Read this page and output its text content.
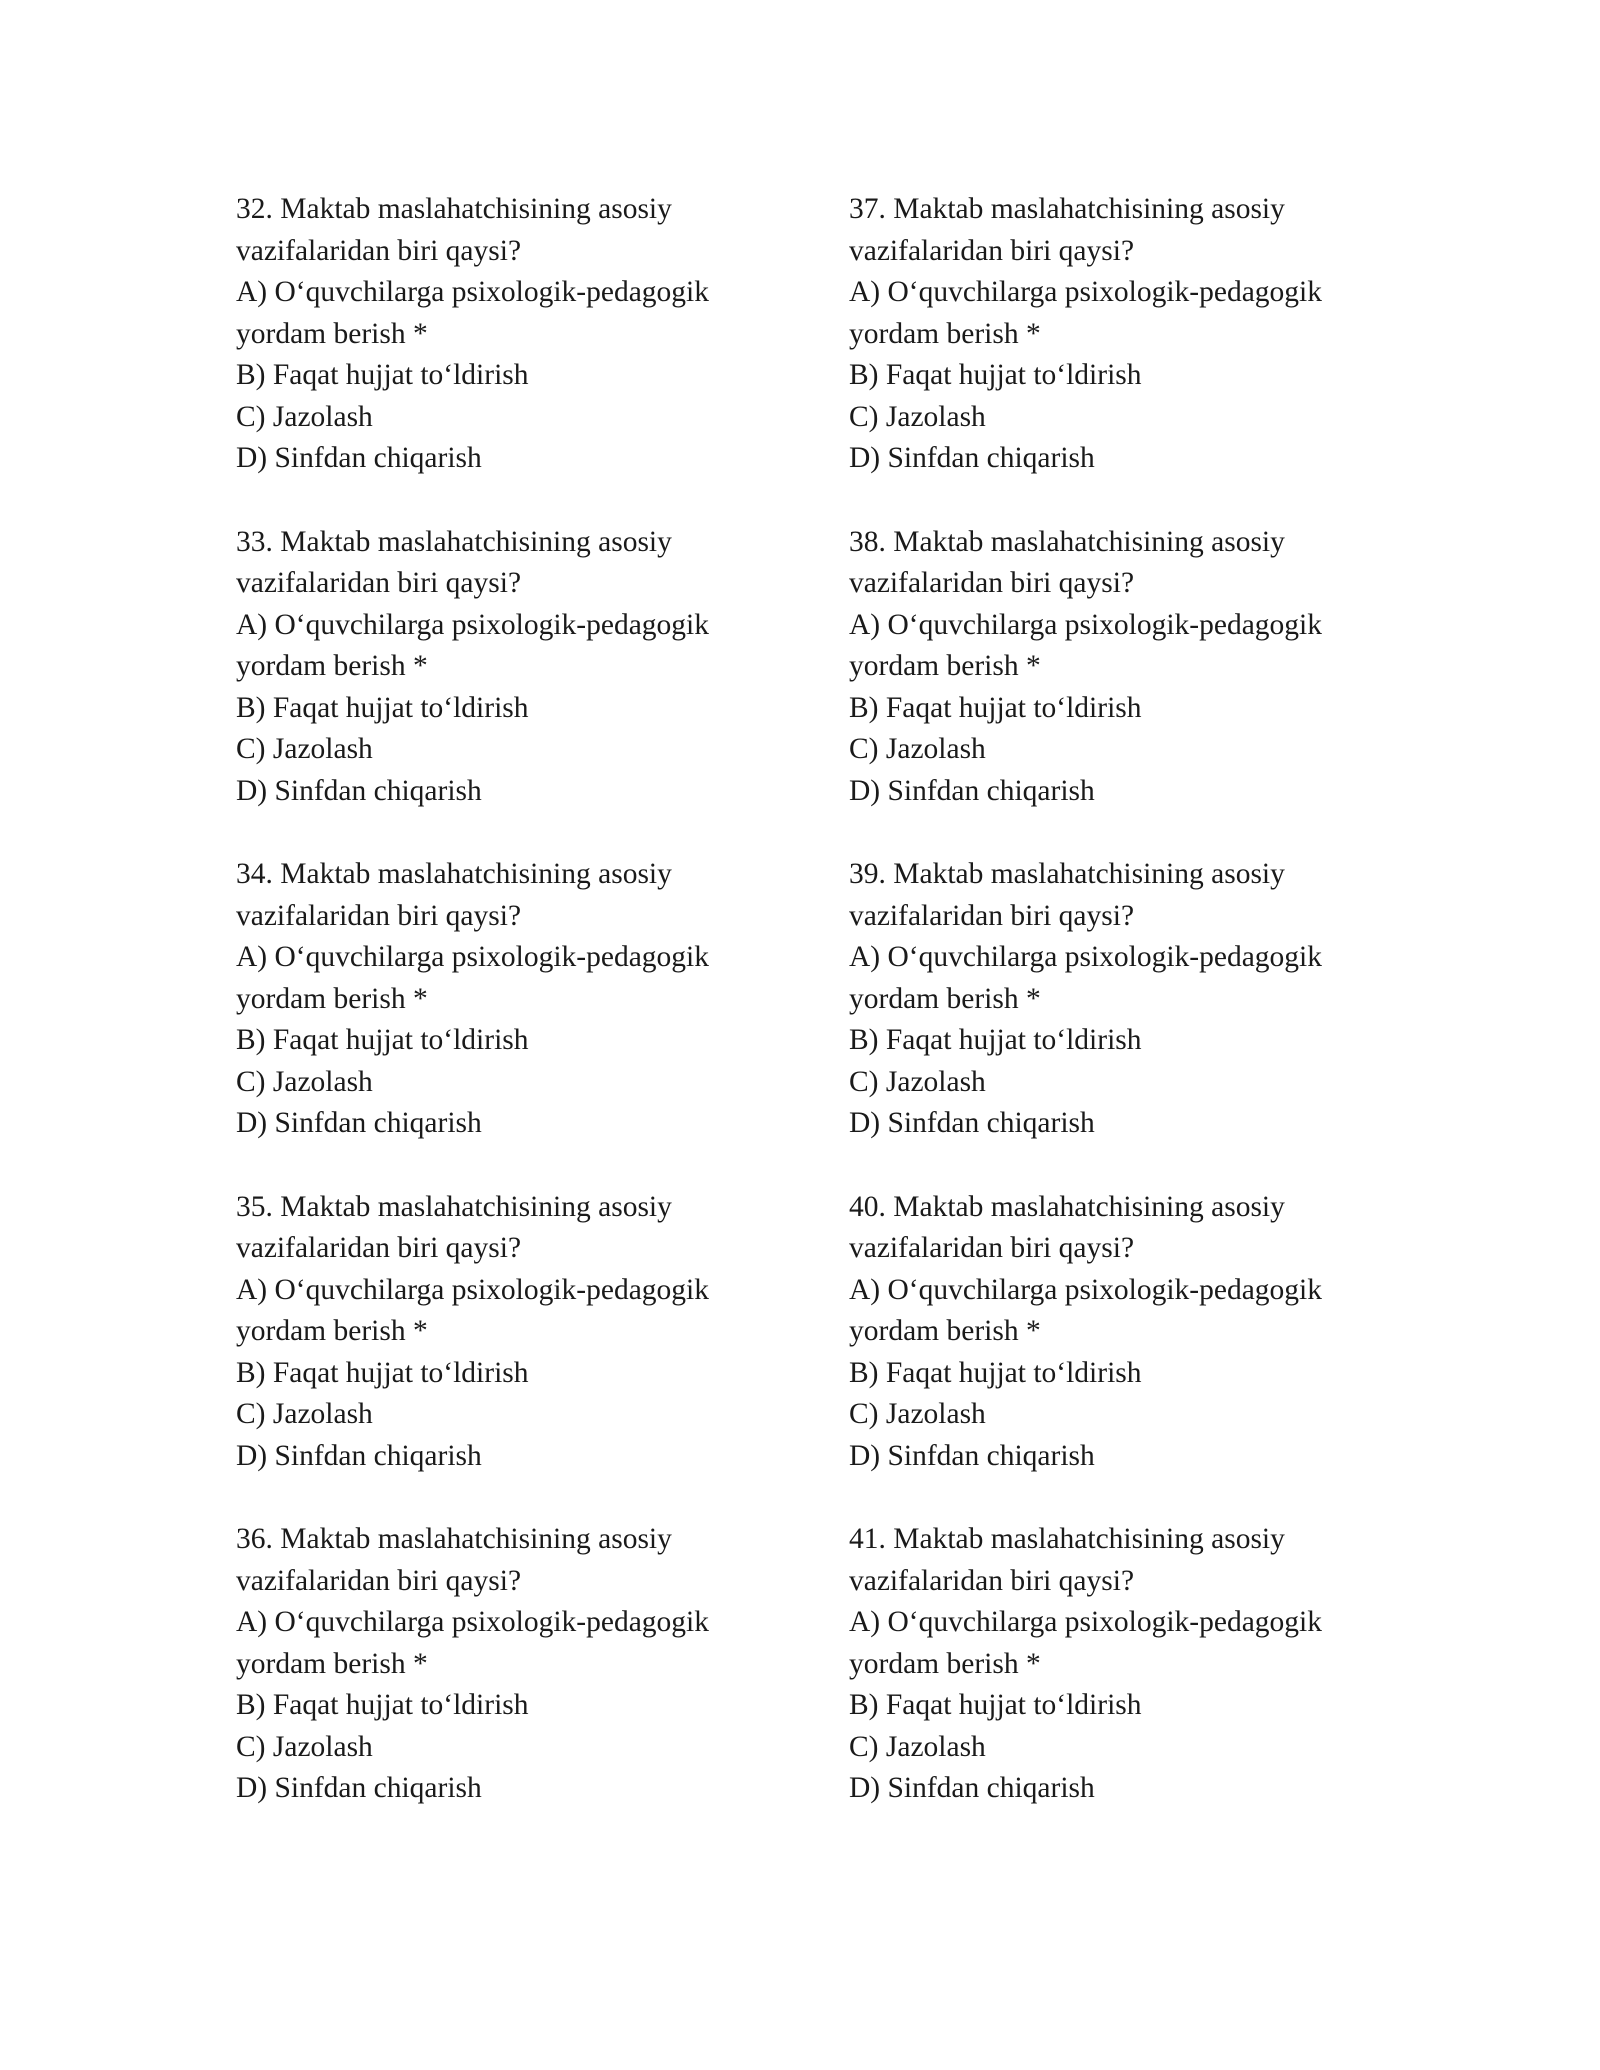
32. Maktab maslahatchisining asosiy
vazifalaridan biri qaysi?
A) O‘quvchilarga psixologik-pedagogik
yordam berish *
B) Faqat hujjat to‘ldirish
C) Jazolash
D) Sinfdan chiqarish
33. Maktab maslahatchisining asosiy
vazifalaridan biri qaysi?
A) O‘quvchilarga psixologik-pedagogik
yordam berish *
B) Faqat hujjat to‘ldirish
C) Jazolash
D) Sinfdan chiqarish
34. Maktab maslahatchisining asosiy
vazifalaridan biri qaysi?
A) O‘quvchilarga psixologik-pedagogik
yordam berish *
B) Faqat hujjat to‘ldirish
C) Jazolash
D) Sinfdan chiqarish
35. Maktab maslahatchisining asosiy
vazifalaridan biri qaysi?
A) O‘quvchilarga psixologik-pedagogik
yordam berish *
B) Faqat hujjat to‘ldirish
C) Jazolash
D) Sinfdan chiqarish
36. Maktab maslahatchisining asosiy
vazifalaridan biri qaysi?
A) O‘quvchilarga psixologik-pedagogik
yordam berish *
B) Faqat hujjat to‘ldirish
C) Jazolash
D) Sinfdan chiqarish
37. Maktab maslahatchisining asosiy
vazifalaridan biri qaysi?
A) O‘quvchilarga psixologik-pedagogik
yordam berish *
B) Faqat hujjat to‘ldirish
C) Jazolash
D) Sinfdan chiqarish
38. Maktab maslahatchisining asosiy
vazifalaridan biri qaysi?
A) O‘quvchilarga psixologik-pedagogik
yordam berish *
B) Faqat hujjat to‘ldirish
C) Jazolash
D) Sinfdan chiqarish
39. Maktab maslahatchisining asosiy
vazifalaridan biri qaysi?
A) O‘quvchilarga psixologik-pedagogik
yordam berish *
B) Faqat hujjat to‘ldirish
C) Jazolash
D) Sinfdan chiqarish
40. Maktab maslahatchisining asosiy
vazifalaridan biri qaysi?
A) O‘quvchilarga psixologik-pedagogik
yordam berish *
B) Faqat hujjat to‘ldirish
C) Jazolash
D) Sinfdan chiqarish
41. Maktab maslahatchisining asosiy
vazifalaridan biri qaysi?
A) O‘quvchilarga psixologik-pedagogik
yordam berish *
B) Faqat hujjat to‘ldirish
C) Jazolash
D) Sinfdan chiqarish
